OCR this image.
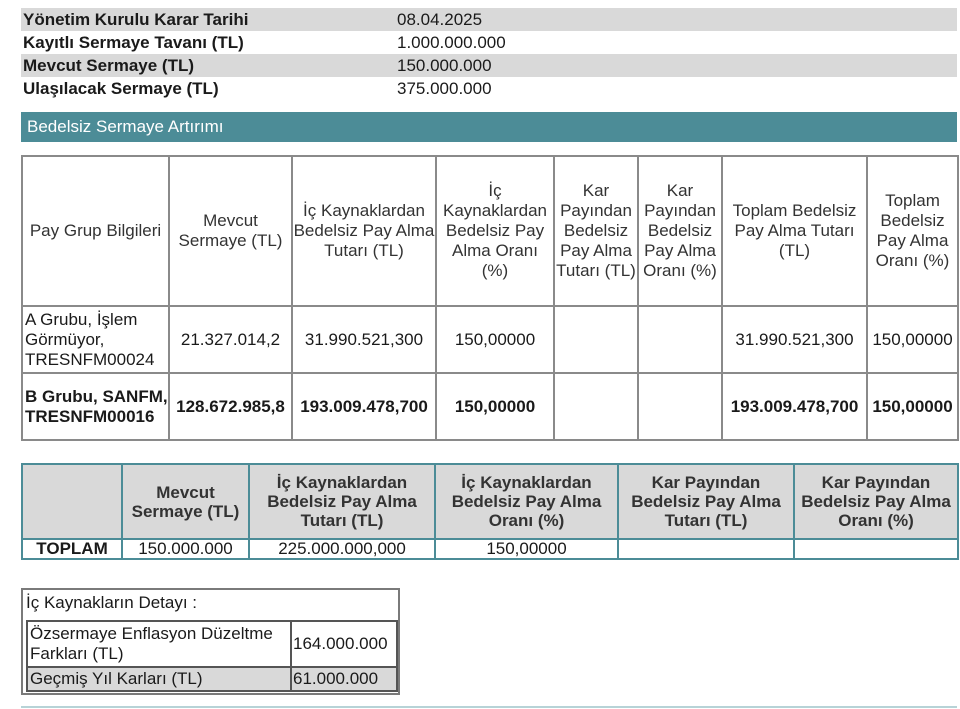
Yönetim Kurulu Karar Tarihi	08.04.2025
Kayıtlı Sermaye Tavanı (TL)	1.000.000.000
Mevcut Sermaye (TL)	150.000.000
Ulaşılacak Sermaye (TL)	375.000.000
Bedelsiz Sermaye Artırımı
Pay Grup Bilgileri	Mevcut Sermaye (TL)	İç Kaynaklardan Bedelsiz Pay Alma Tutarı (TL)	İç Kaynaklardan Bedelsiz Pay Alma Oranı (%)	Kar Payından Bedelsiz Pay Alma Tutarı (TL)	Kar Payından Bedelsiz Pay Alma Oranı (%)	Toplam Bedelsiz Pay Alma Tutarı (TL)	Toplam Bedelsiz Pay Alma Oranı (%)
A Grubu, İşlem Görmüyor, TRESNFM00024	21.327.014,2	31.990.521,300	150,00000			31.990.521,300	150,00000
B Grubu, SANFM, TRESNFM00016	128.672.985,8	193.009.478,700	150,00000			193.009.478,700	150,00000
	Mevcut Sermaye (TL)	İç Kaynaklardan Bedelsiz Pay Alma Tutarı (TL)	İç Kaynaklardan Bedelsiz Pay Alma Oranı (%)	Kar Payından Bedelsiz Pay Alma Tutarı (TL)	Kar Payından Bedelsiz Pay Alma Oranı (%)
TOPLAM	150.000.000	225.000.000,000	150,00000		
İç Kaynakların Detayı :
Özsermaye Enflasyon Düzeltme Farkları (TL)	164.000.000
Geçmiş Yıl Karları (TL)	61.000.000
